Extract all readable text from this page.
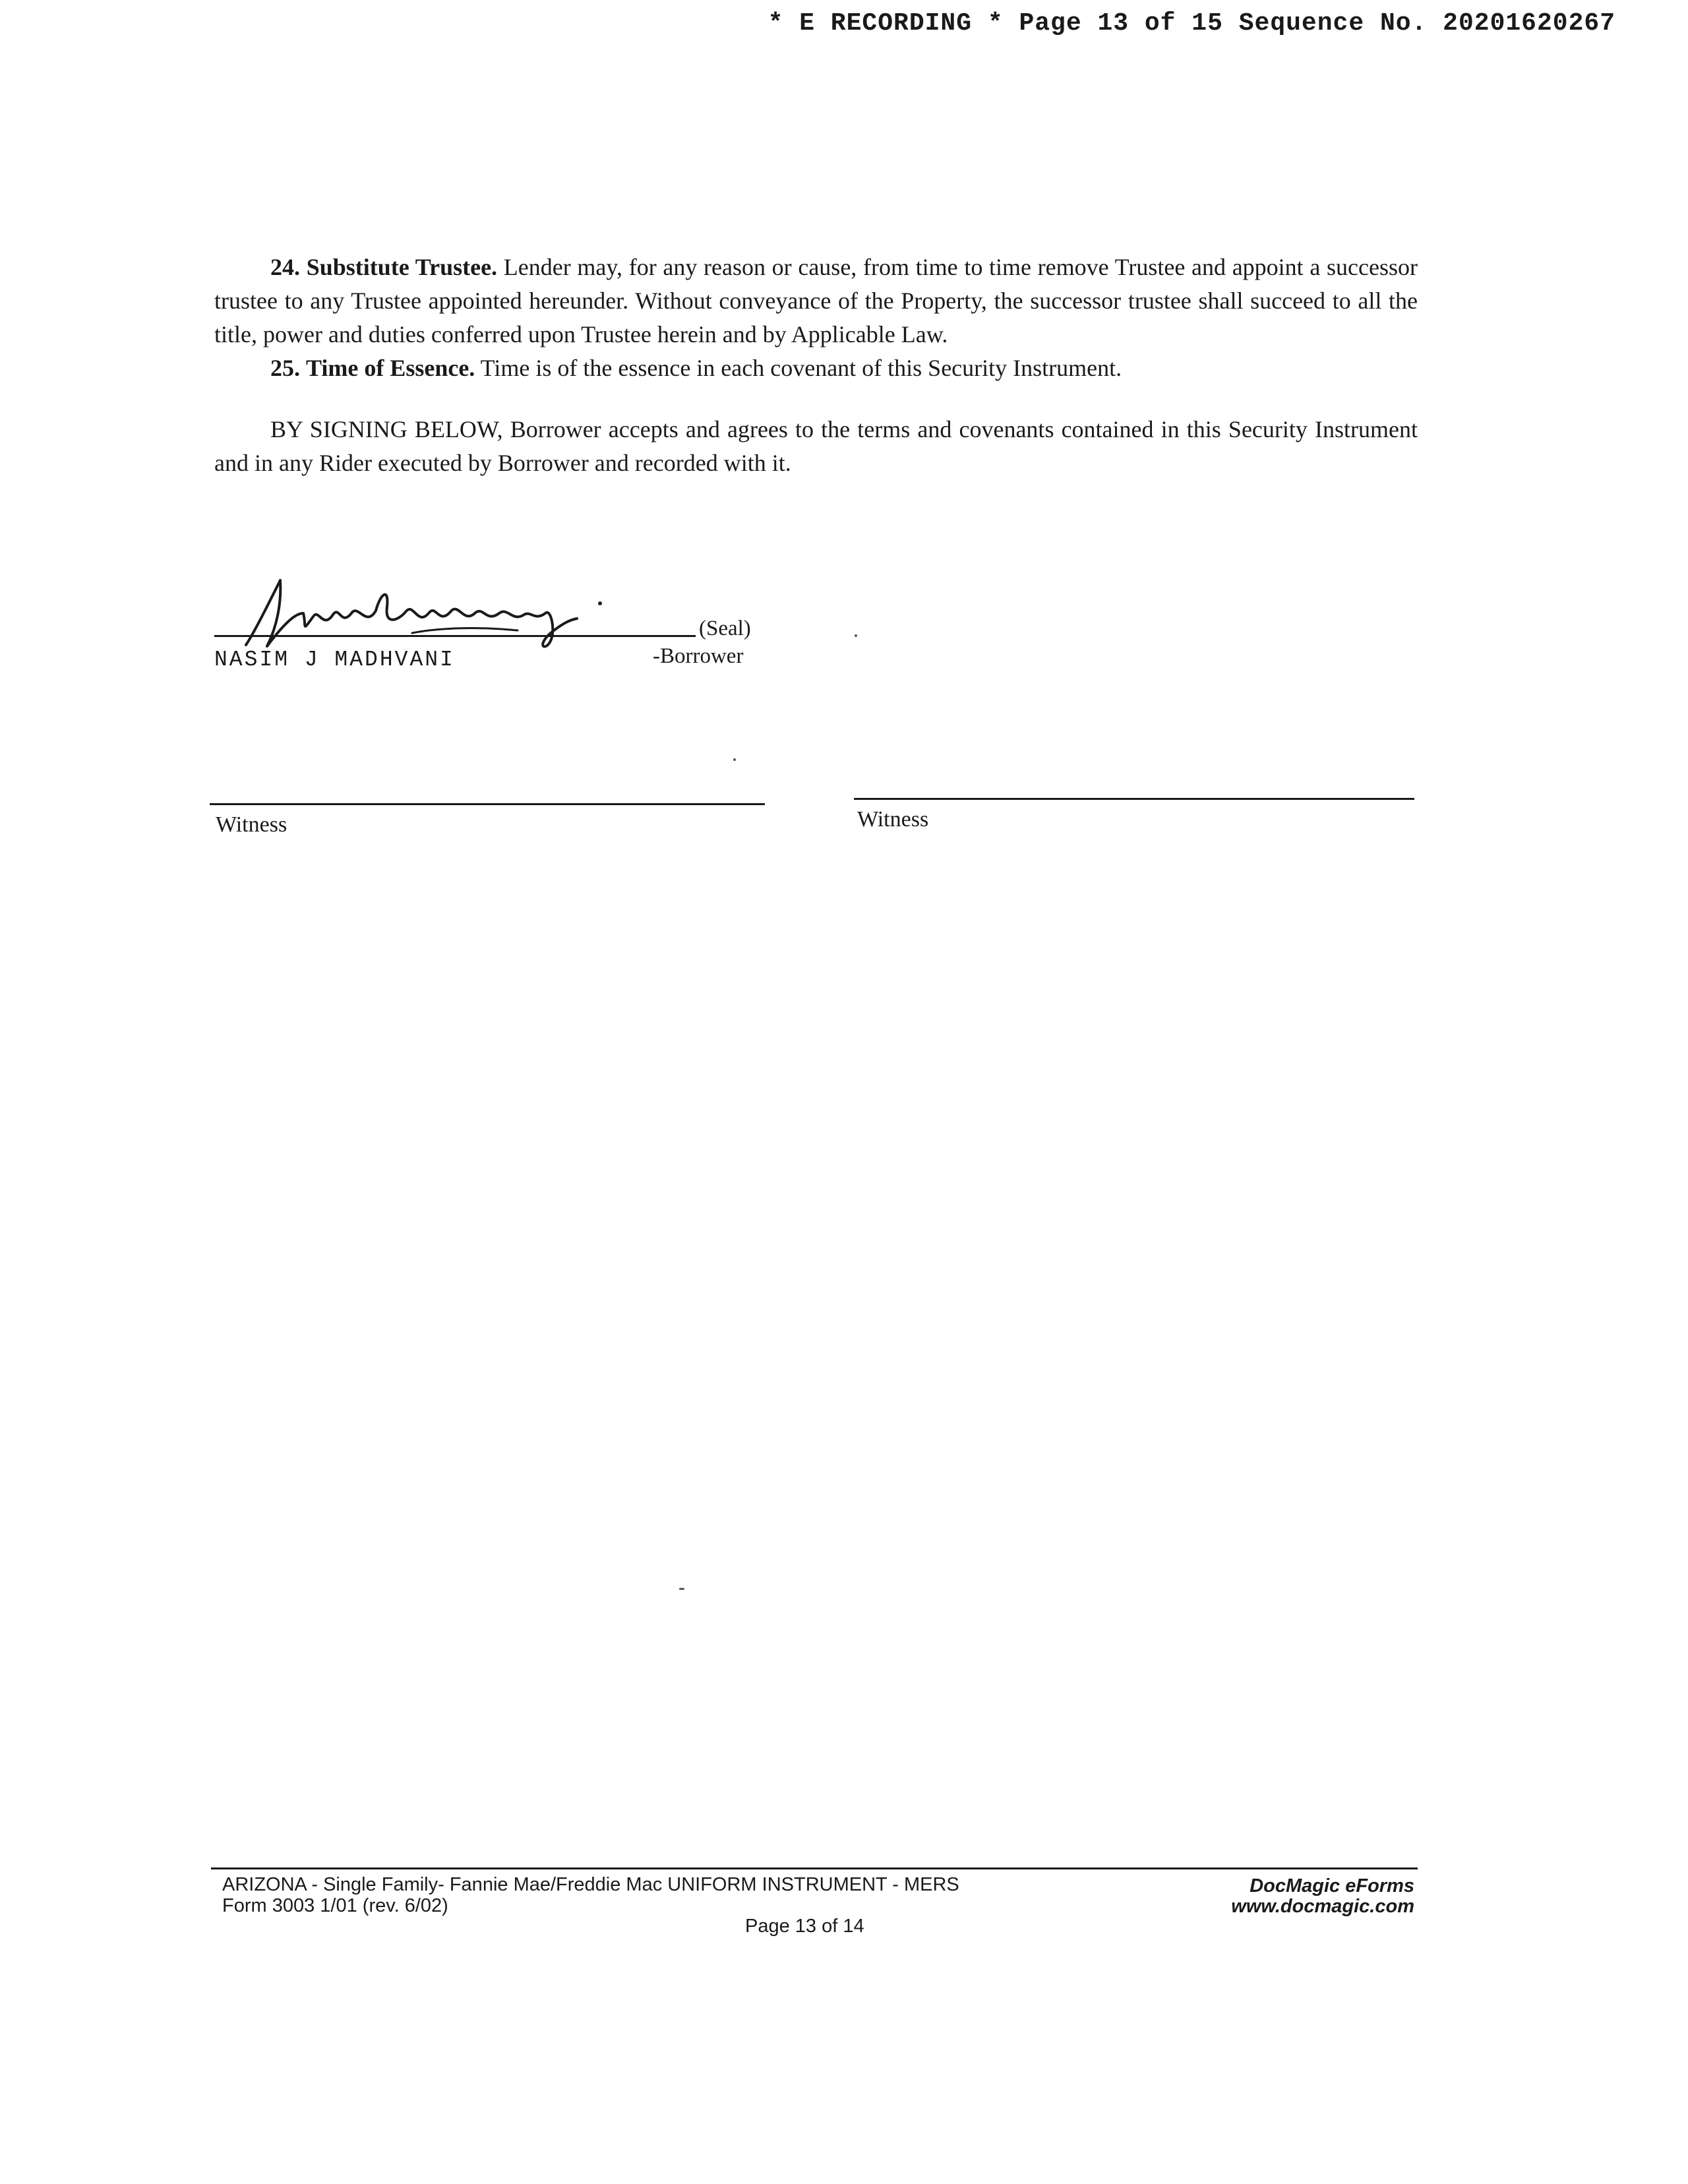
* E RECORDING * Page 13 of 15 Sequence No. 20201620267

24. Substitute Trustee. Lender may, for any reason or cause, from time to time remove Trustee and appoint a successor trustee to any Trustee appointed hereunder. Without conveyance of the Property, the successor trustee shall succeed to all the title, power and duties conferred upon Trustee herein and by Applicable Law.

25. Time of Essence. Time is of the essence in each covenant of this Security Instrument.

BY SIGNING BELOW, Borrower accepts and agrees to the terms and covenants contained in this Security Instrument and in any Rider executed by Borrower and recorded with it.

(Seal)
NASIM J MADHVANI	-Borrower
Witness	Witness
ARIZONA - Single Family- Fannie Mae/Freddie Mac UNIFORM INSTRUMENT - MERS
Form 3003 1/01 (rev. 6/02)
Page 13 of 14
DocMagic eForms
www.docmagic.com
